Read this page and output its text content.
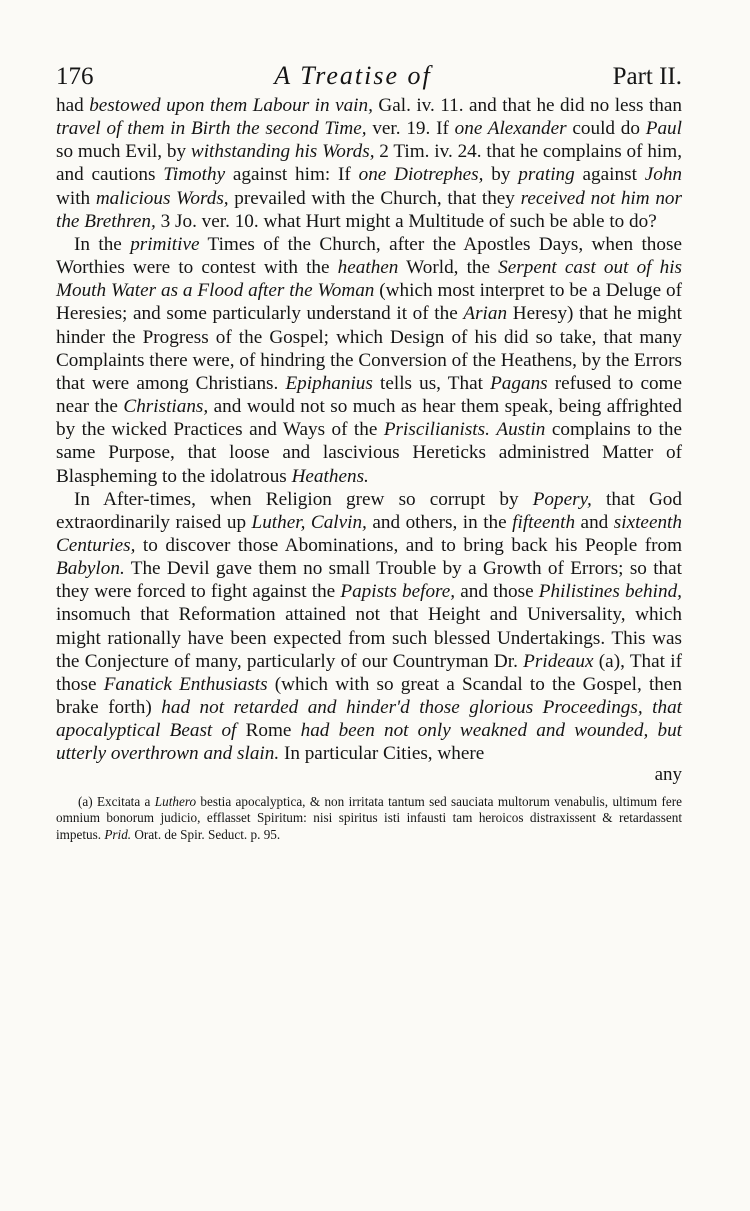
176	A Treatise of	Part II.

had bestowed upon them Labour in vain, Gal. iv. 11. and that he did no less than travel of them in Birth the second Time, ver. 19. If one Alexander could do Paul so much Evil, by withstanding his Words, 2 Tim. iv. 24. that he complains of him, and cautions Timothy against him: If one Diotrephes, by prating against John with malicious Words, prevailed with the Church, that they received not him nor the Brethren, 3 Jo. ver. 10. what Hurt might a Multitude of such be able to do?

In the primitive Times of the Church, after the Apostles Days, when those Worthies were to contest with the heathen World, the Serpent cast out of his Mouth Water as a Flood after the Woman (which most interpret to be a Deluge of Heresies; and some particularly understand it of the Arian Heresy) that he might hinder the Progress of the Gospel; which Design of his did so take, that many Complaints there were, of hindring the Conversion of the Heathens, by the Errors that were among Christians. Epiphanius tells us, That Pagans refused to come near the Christians, and would not so much as hear them speak, being affrighted by the wicked Practices and Ways of the Priscilianists. Austin complains to the same Purpose, that loose and lascivious Hereticks administred Matter of Blaspheming to the idolatrous Heathens.

In After-times, when Religion grew so corrupt by Popery, that God extraordinarily raised up Luther, Calvin, and others, in the fifteenth and sixteenth Centuries, to discover those Abominations, and to bring back his People from Babylon. The Devil gave them no small Trouble by a Growth of Errors; so that they were forced to fight against the Papists before, and those Philistines behind, insomuch that Reformation attained not that Height and Universality, which might rationally have been expected from such blessed Undertakings. This was the Conjecture of many, particularly of our Countryman Dr. Prideaux (a), That if those Fanatick Enthusiasts (which with so great a Scandal to the Gospel, then brake forth) had not retarded and hinder'd those glorious Proceedings, that apocalyptical Beast of Rome had been not only weakned and wounded, but utterly overthrown and slain. In particular Cities, where

any
(a) Excitata a Luthero bestia apocalyptica, & non irritata tantum sed sauciata multorum venabulis, ultimum fere omnium bonorum judicio, efflasset Spiritum: nisi spiritus isti infausti tam heroicos distraxissent & retardassent impetus. Prid. Orat. de Spir. Seduct. p. 95.
